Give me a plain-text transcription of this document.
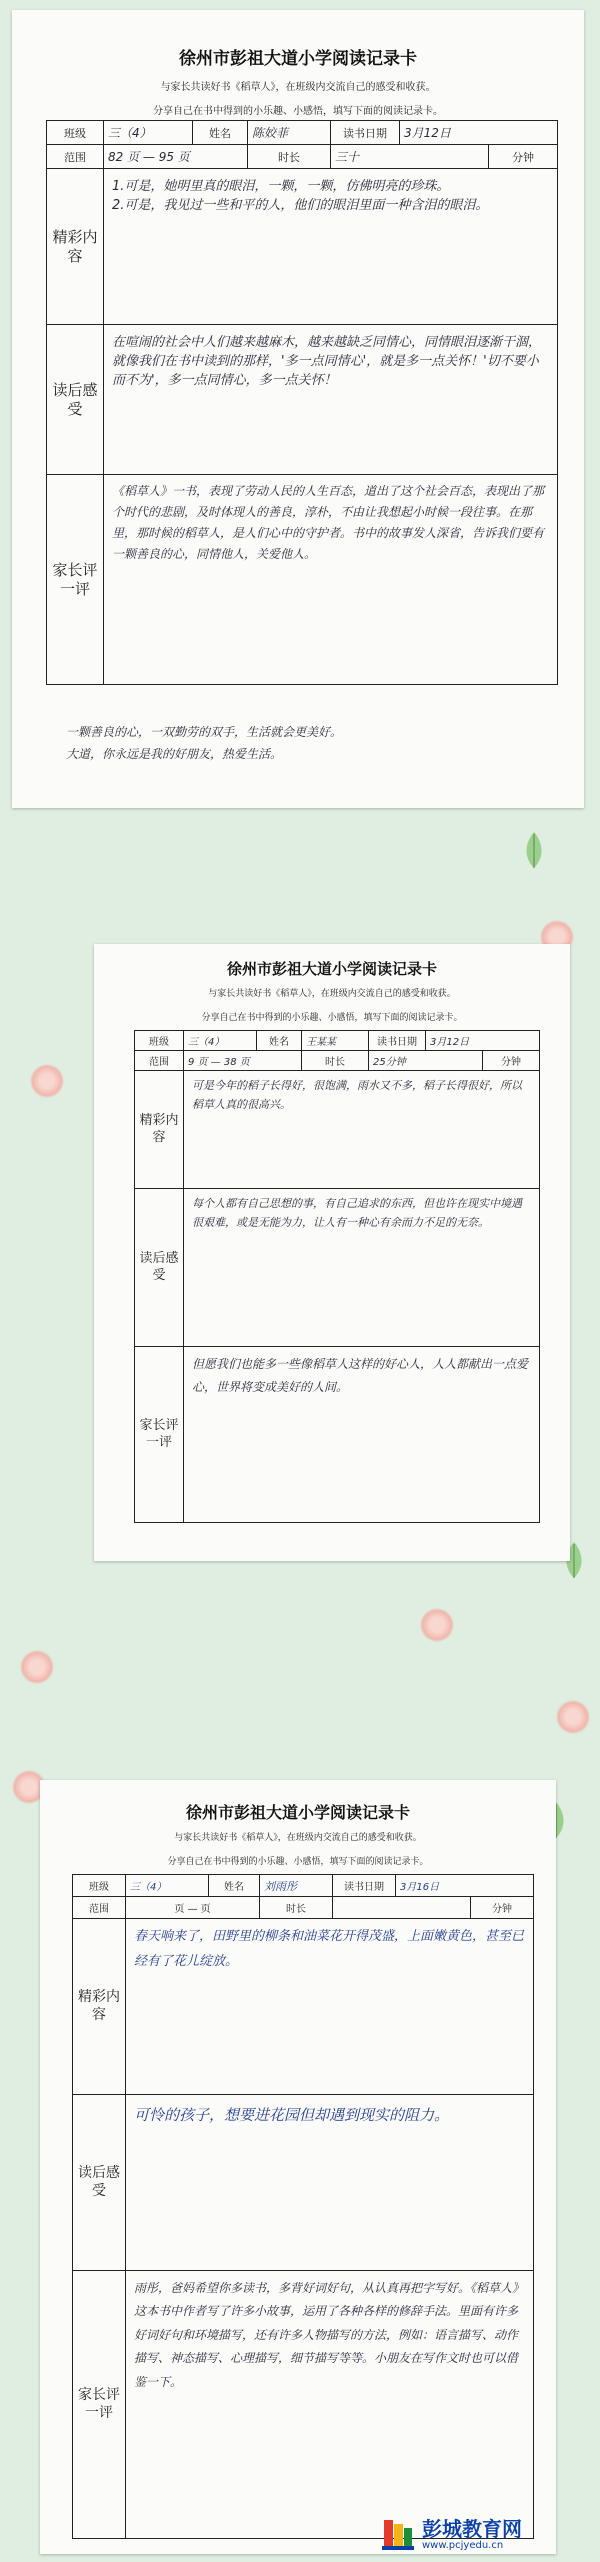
徐州市彭祖大道小学阅读记录卡
与家长共读好书《稻草人》，在班级内交流自己的感受和收获。
分享自己在书中得到的小乐趣、小感悟，填写下面的阅读记录卡。
班级	三（4）	姓名	陈姣菲	读书日期	3月12日	
范围	82 页 — 95 页		时长	三十		分钟
精彩内容	1.可是，她明里真的眼泪，一颗，一颗，仿佛明亮的珍珠。
2.可是，我见过一些和平的人，他们的眼泪里面一种含泪的眼泪。					
读后感受	在喧闹的社会中人们越来越麻木，越来越缺乏同情心，同情眼泪逐渐干涸，就像我们在书中读到的那样，'多一点同情心'，就是多一点关怀！'切不要小而不为'，多一点同情心，多一点关怀！					
家长评一评	《稻草人》一书，表现了劳动人民的人生百态，道出了这个社会百态，表现出了那个时代的悲剧，及时体现人的善良，淳朴，不由让我想起小时候一段往事。在那里，那时候的稻草人，是人们心中的守护者。书中的故事发人深省，告诉我们要有一颗善良的心，同情他人，关爱他人。					
一颗善良的心，一双勤劳的双手，生活就会更美好。
大道，你永远是我的好朋友，热爱生活。
徐州市彭祖大道小学阅读记录卡
与家长共读好书《稻草人》，在班级内交流自己的感受和收获。
分享自己在书中得到的小乐趣、小感悟，填写下面的阅读记录卡。
班级	三（4）	姓名	王某某	读书日期	3月12日	
范围	9 页 — 38 页		时长	25分钟		分钟
精彩内容	可是今年的稻子长得好，很饱满，雨水又不多，稻子长得很好，所以稻草人真的很高兴。					
读后感受	每个人都有自己思想的事，有自己追求的东西，但也许在现实中境遇很艰难，或是无能为力，让人有一种心有余而力不足的无奈。					
家长评一评	但愿我们也能多一些像稻草人这样的好心人，人人都献出一点爱心，世界将变成美好的人间。					
徐州市彭祖大道小学阅读记录卡
与家长共读好书《稻草人》，在班级内交流自己的感受和收获。
分享自己在书中得到的小乐趣、小感悟，填写下面的阅读记录卡。
班级	三（4）	姓名	刘雨彤	读书日期	3月16日	
范围	页 — 页		时长			分钟
精彩内容	春天响来了，田野里的柳条和油菜花开得茂盛，上面嫩黄色，甚至已经有了花儿绽放。					
读后感受	可怜的孩子，想要进花园但却遇到现实的阻力。					
家长评一评	雨彤，爸妈希望你多读书，多背好词好句，从认真再把字写好。《稻草人》这本书中作者写了许多小故事，运用了各种各样的修辞手法。里面有许多好词好句和环境描写，还有许多人物描写的方法，例如：语言描写、动作描写、神态描写、心理描写，细节描写等等。小朋友在写作文时也可以借鉴一下。					
彭城教育网
www.pcjyedu.cn
